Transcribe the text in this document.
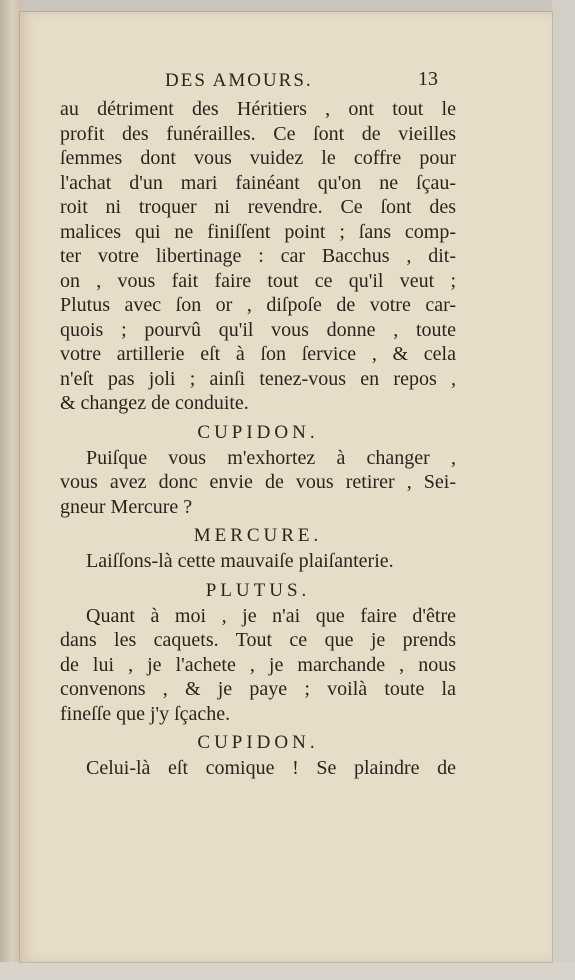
DES AMOURS.	13
au détriment des Héritiers , ont tout le
profit des funérailles. Ce ſont de vieilles
ſemmes dont vous vuidez le coffre pour
l'achat d'un mari fainéant qu'on ne ſçau-
roit ni troquer ni revendre. Ce ſont des
malices qui ne finiſſent point ; ſans comp-
ter votre libertinage : car Bacchus , dit-
on , vous fait faire tout ce qu'il veut ;
Plutus avec ſon or , diſpoſe de votre car-
quois ; pourvû qu'il vous donne , toute
votre artillerie eſt à ſon ſervice , & cela
n'eſt pas joli ; ainſi tenez-vous en repos ,
& changez de conduite.
CUPIDON.
Puiſque vous m'exhortez à changer ,
vous avez donc envie de vous retirer , Sei-
gneur Mercure ?
MERCURE.
Laiſſons-là cette mauvaiſe plaiſanterie.
PLUTUS.
Quant à moi , je n'ai que faire d'être
dans les caquets. Tout ce que je prends
de lui , je l'achete , je marchande , nous
convenons , & je paye ; voilà toute la
fineſſe que j'y ſçache.
CUPIDON.
Celui-là eſt comique ! Se plaindre de
